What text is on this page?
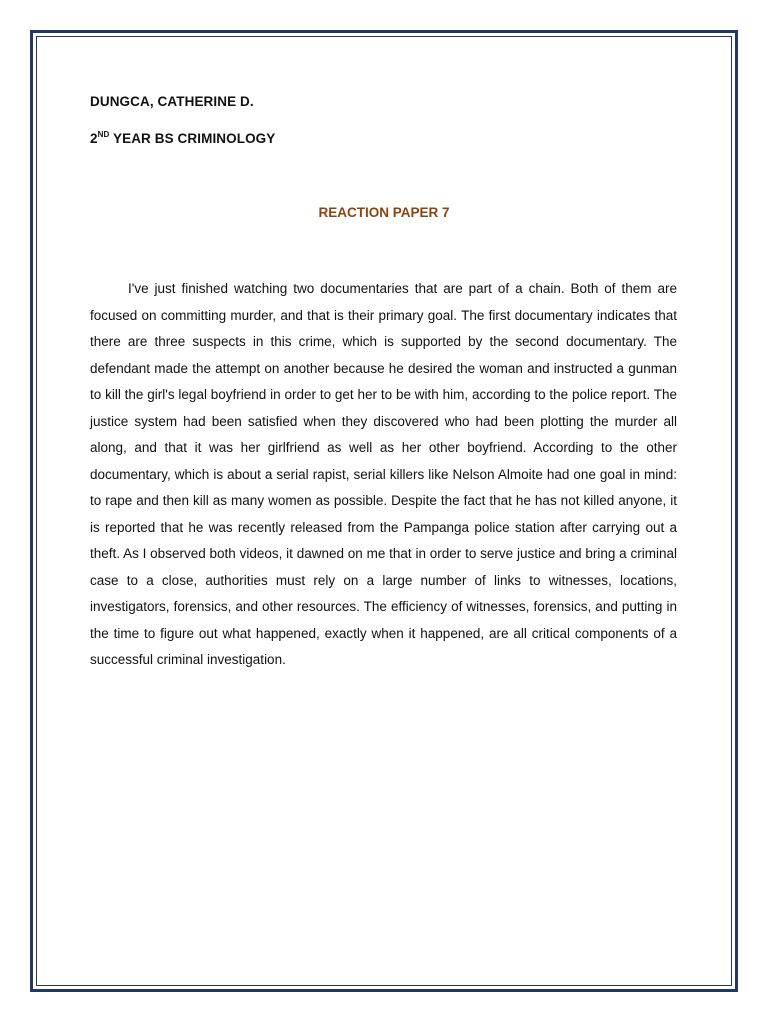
DUNGCA, CATHERINE D.
2ND YEAR BS CRIMINOLOGY
REACTION PAPER 7

I've just finished watching two documentaries that are part of a chain. Both of them are focused on committing murder, and that is their primary goal. The first documentary indicates that there are three suspects in this crime, which is supported by the second documentary. The defendant made the attempt on another because he desired the woman and instructed a gunman to kill the girl's legal boyfriend in order to get her to be with him, according to the police report. The justice system had been satisfied when they discovered who had been plotting the murder all along, and that it was her girlfriend as well as her other boyfriend. According to the other documentary, which is about a serial rapist, serial killers like Nelson Almoite had one goal in mind: to rape and then kill as many women as possible. Despite the fact that he has not killed anyone, it is reported that he was recently released from the Pampanga police station after carrying out a theft. As I observed both videos, it dawned on me that in order to serve justice and bring a criminal case to a close, authorities must rely on a large number of links to witnesses, locations, investigators, forensics, and other resources. The efficiency of witnesses, forensics, and putting in the time to figure out what happened, exactly when it happened, are all critical components of a successful criminal investigation.
